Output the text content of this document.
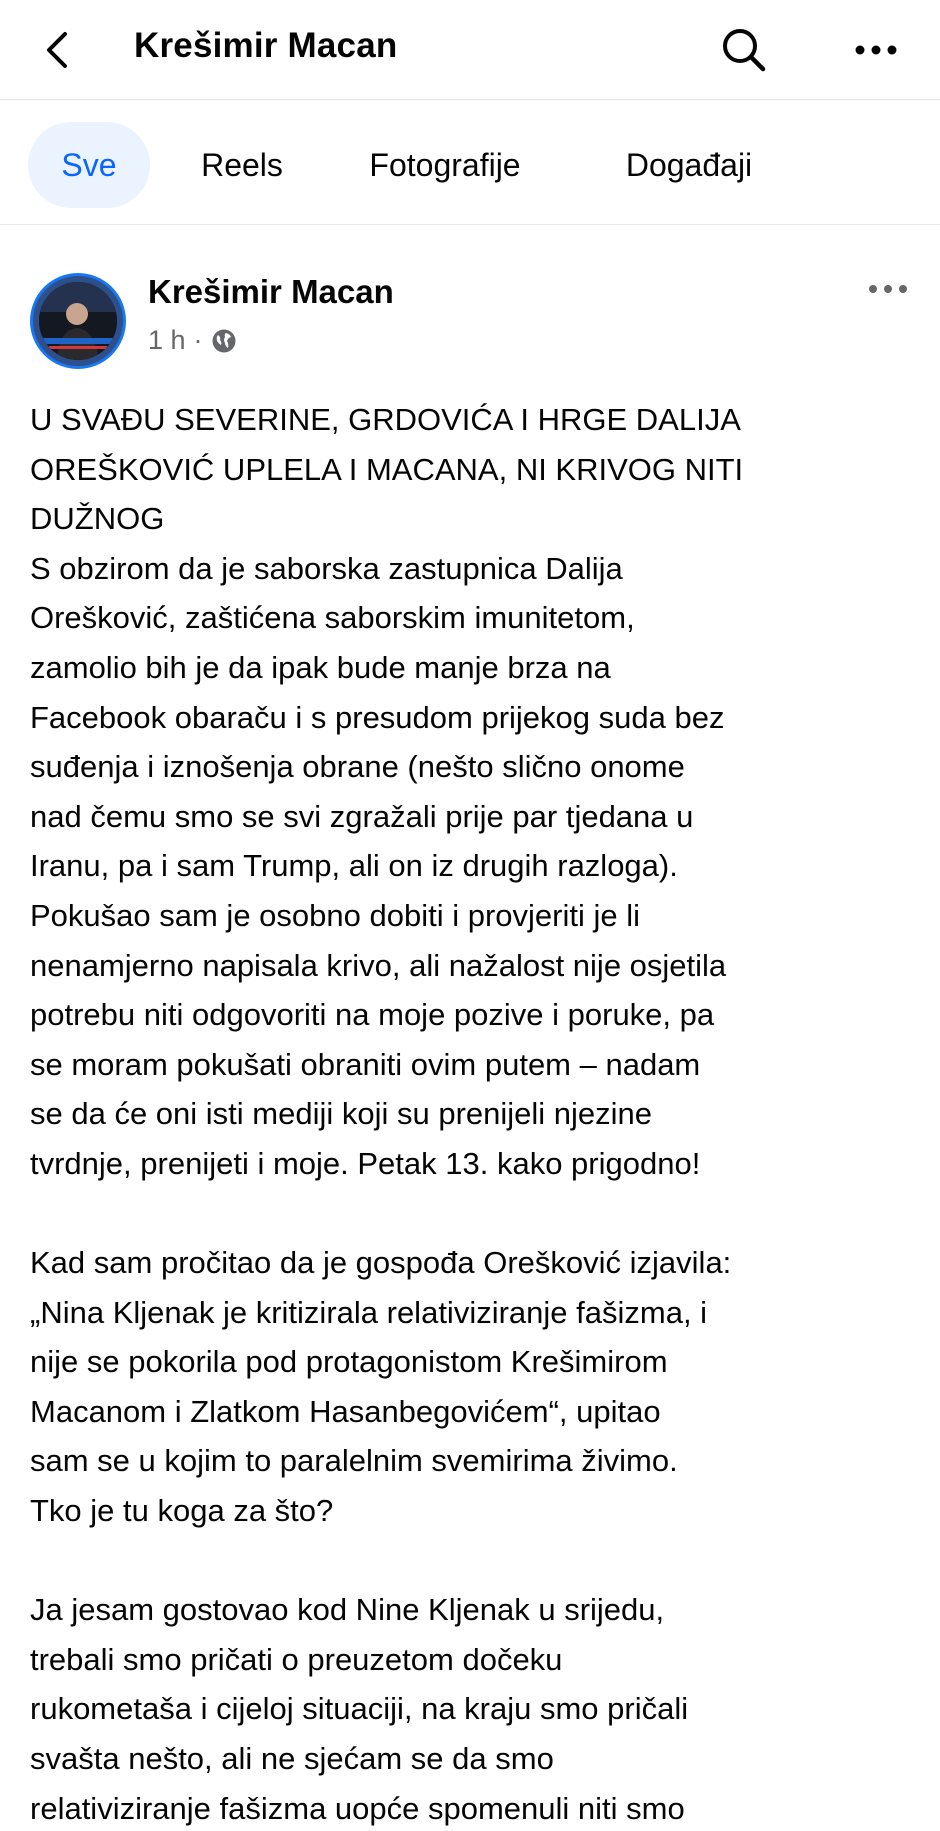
Krešimir Macan
Sve	Reels	Fotografije	Događaji
Krešimir Macan
1 h ·

U SVAĐU SEVERINE, GRDOVIĆA I HRGE DALIJA

OREŠKOVIĆ UPLELA I MACANA, NI KRIVOG NITI

DUŽNOG

S obzirom da je saborska zastupnica Dalija

Orešković, zaštićena saborskim imunitetom,

zamolio bih je da ipak bude manje brza na

Facebook obaraču i s presudom prijekog suda bez

suđenja i iznošenja obrane (nešto slično onome

nad čemu smo se svi zgražali prije par tjedana u

Iranu, pa i sam Trump, ali on iz drugih razloga).

Pokušao sam je osobno dobiti i provjeriti je li

nenamjerno napisala krivo, ali nažalost nije osjetila

potrebu niti odgovoriti na moje pozive i poruke, pa

se moram pokušati obraniti ovim putem – nadam

se da će oni isti mediji koji su prenijeli njezine

tvrdnje, prenijeti i moje. Petak 13. kako prigodno!

Kad sam pročitao da je gospođa Orešković izjavila:

„Nina Kljenak je kritizirala relativiziranje fašizma, i

nije se pokorila pod protagonistom Krešimirom

Macanom i Zlatkom Hasanbegovićem“, upitao

sam se u kojim to paralelnim svemirima živimo.

Tko je tu koga za što?

Ja jesam gostovao kod Nine Kljenak u srijedu,

trebali smo pričati o preuzetom dočeku

rukometaša i cijeloj situaciji, na kraju smo pričali

svašta nešto, ali ne sjećam se da smo

relativiziranje fašizma uopće spomenuli niti smo
